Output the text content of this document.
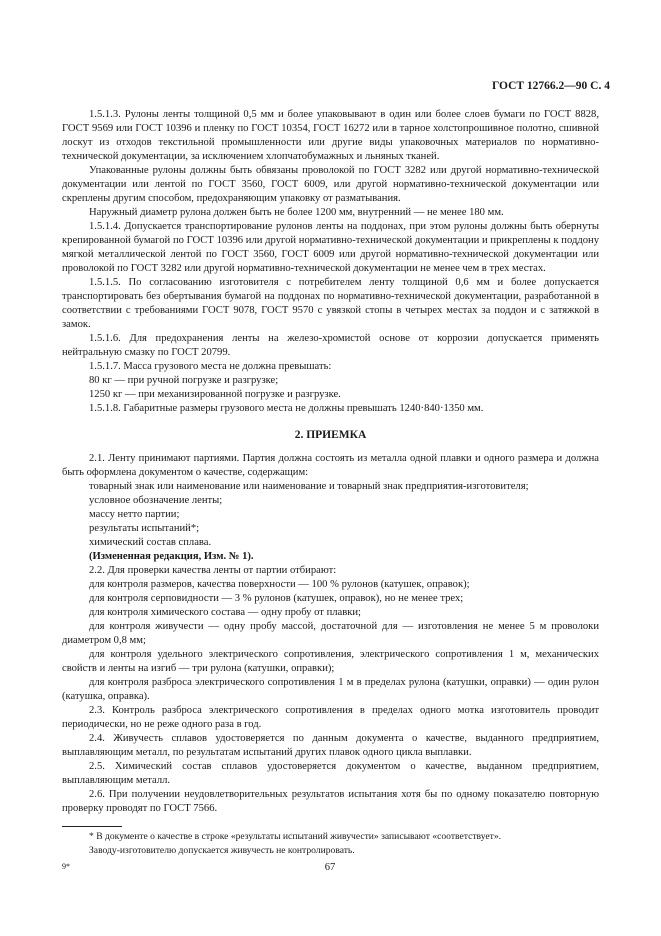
ГОСТ 12766.2—90 С. 4

1.5.1.3. Рулоны ленты толщиной 0,5 мм и более упаковывают в один или более слоев бумаги по ГОСТ 8828, ГОСТ 9569 или ГОСТ 10396 и пленку по ГОСТ 10354, ГОСТ 16272 или в тарное холстопрошивное полотно, сшивной лоскут из отходов текстильной промышленности или другие виды упаковочных материалов по нормативно-технической документации, за исключением хлопчатобумажных и льняных тканей.

Упакованные рулоны должны быть обвязаны проволокой по ГОСТ 3282 или другой нормативно-технической документации или лентой по ГОСТ 3560, ГОСТ 6009, или другой нормативно-технической документации или скреплены другим способом, предохраняющим упаковку от разматывания.

Наружный диаметр рулона должен быть не более 1200 мм, внутренний — не менее 180 мм.

1.5.1.4. Допускается транспортирование рулонов ленты на поддонах, при этом рулоны должны быть обернуты крепированной бумагой по ГОСТ 10396 или другой нормативно-технической документации и прикреплены к поддону мягкой металлической лентой по ГОСТ 3560, ГОСТ 6009 или другой нормативно-технической документации или проволокой по ГОСТ 3282 или другой нормативно-технической документации не менее чем в трех местах.

1.5.1.5. По согласованию изготовителя с потребителем ленту толщиной 0,6 мм и более допускается транспортировать без обертывания бумагой на поддонах по нормативно-технической документации, разработанной в соответствии с требованиями ГОСТ 9078, ГОСТ 9570 с увязкой стопы в четырех местах за поддон и с затяжкой в замок.

1.5.1.6. Для предохранения ленты на железо-хромистой основе от коррозии допускается применять нейтральную смазку по ГОСТ 20799.

1.5.1.7. Масса грузового места не должна превышать:

80 кг — при ручной погрузке и разгрузке;

1250 кг — при механизированной погрузке и разгрузке.

1.5.1.8. Габаритные размеры грузового места не должны превышать 1240·840·1350 мм.

2. ПРИЕМКА

2.1. Ленту принимают партиями. Партия должна состоять из металла одной плавки и одного размера и должна быть оформлена документом о качестве, содержащим:

товарный знак или наименование или наименование и товарный знак предприятия-изготовителя;

условное обозначение ленты;

массу нетто партии;

результаты испытаний*;

химический состав сплава.

(Измененная редакция, Изм. № 1).

2.2. Для проверки качества ленты от партии отбирают:

для контроля размеров, качества поверхности — 100 % рулонов (катушек, оправок);

для контроля серповидности — 3 % рулонов (катушек, оправок), но не менее трех;

для контроля химического состава — одну пробу от плавки;

для контроля живучести — одну пробу массой, достаточной для — изготовления не менее 5 м проволоки диаметром 0,8 мм;

для контроля удельного электрического сопротивления, электрического сопротивления 1 м, механических свойств и ленты на изгиб — три рулона (катушки, оправки);

для контроля разброса электрического сопротивления 1 м в пределах рулона (катушки, оправки) — один рулон (катушка, оправка).

2.3. Контроль разброса электрического сопротивления в пределах одного мотка изготовитель проводит периодически, но не реже одного раза в год.

2.4. Живучесть сплавов удостоверяется по данным документа о качестве, выданного предприятием, выплавляющим металл, по результатам испытаний других плавок одного цикла выплавки.

2.5. Химический состав сплавов удостоверяется документом о качестве, выданном предприятием, выплавляющим металл.

2.6. При получении неудовлетворительных результатов испытания хотя бы по одному показателю повторную проверку проводят по ГОСТ 7566.

* В документе о качестве в строке «результаты испытаний живучести» записывают «соответствует».

Заводу-изготовителю допускается живучесть не контролировать.

9*	67
